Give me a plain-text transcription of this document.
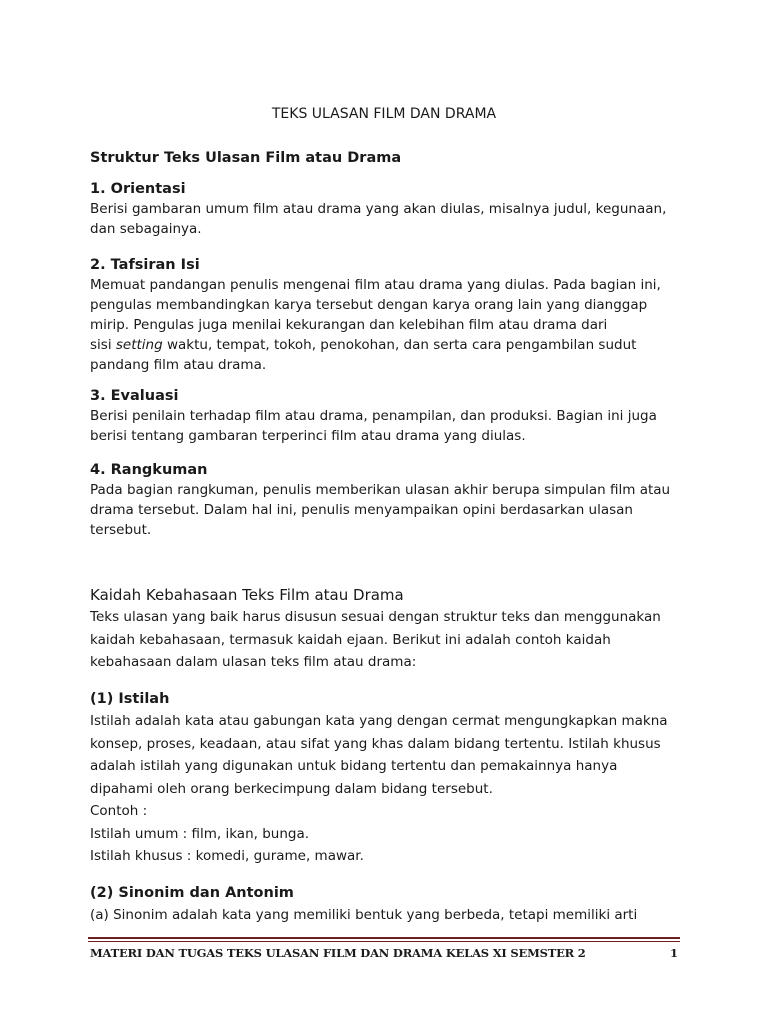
TEKS ULASAN FILM DAN DRAMA

Struktur Teks Ulasan Film atau Drama

1. Orientasi

Berisi gambaran umum film atau drama yang akan diulas, misalnya judul, kegunaan,

dan sebagainya.

2. Tafsiran Isi

Memuat pandangan penulis mengenai film atau drama yang diulas. Pada bagian ini,

pengulas membandingkan karya tersebut dengan karya orang lain yang dianggap

mirip. Pengulas juga menilai kekurangan dan kelebihan film atau drama dari

sisi setting waktu, tempat, tokoh, penokohan, dan serta cara pengambilan sudut

pandang film atau drama.

3. Evaluasi

Berisi penilain terhadap film atau drama, penampilan, dan produksi. Bagian ini juga

berisi tentang gambaran terperinci film atau drama yang diulas.

4. Rangkuman

Pada bagian rangkuman, penulis memberikan ulasan akhir berupa simpulan film atau

drama tersebut. Dalam hal ini, penulis menyampaikan opini berdasarkan ulasan

tersebut.

Kaidah Kebahasaan Teks Film atau Drama

Teks ulasan yang baik harus disusun sesuai dengan struktur teks dan menggunakan

kaidah kebahasaan, termasuk kaidah ejaan. Berikut ini adalah contoh kaidah

kebahasaan dalam ulasan teks film atau drama:

(1) Istilah

Istilah adalah kata atau gabungan kata yang dengan cermat mengungkapkan makna

konsep, proses, keadaan, atau sifat yang khas dalam bidang tertentu. Istilah khusus

adalah istilah yang digunakan untuk bidang tertentu dan pemakainnya hanya

dipahami oleh orang berkecimpung dalam bidang tersebut.

Contoh :

Istilah umum : film, ikan, bunga.

Istilah khusus : komedi, gurame, mawar.

(2) Sinonim dan Antonim

(a) Sinonim adalah kata yang memiliki bentuk yang berbeda, tetapi memiliki arti

MATERI DAN TUGAS TEKS ULASAN FILM DAN DRAMA KELAS XI SEMSTER 2	1
